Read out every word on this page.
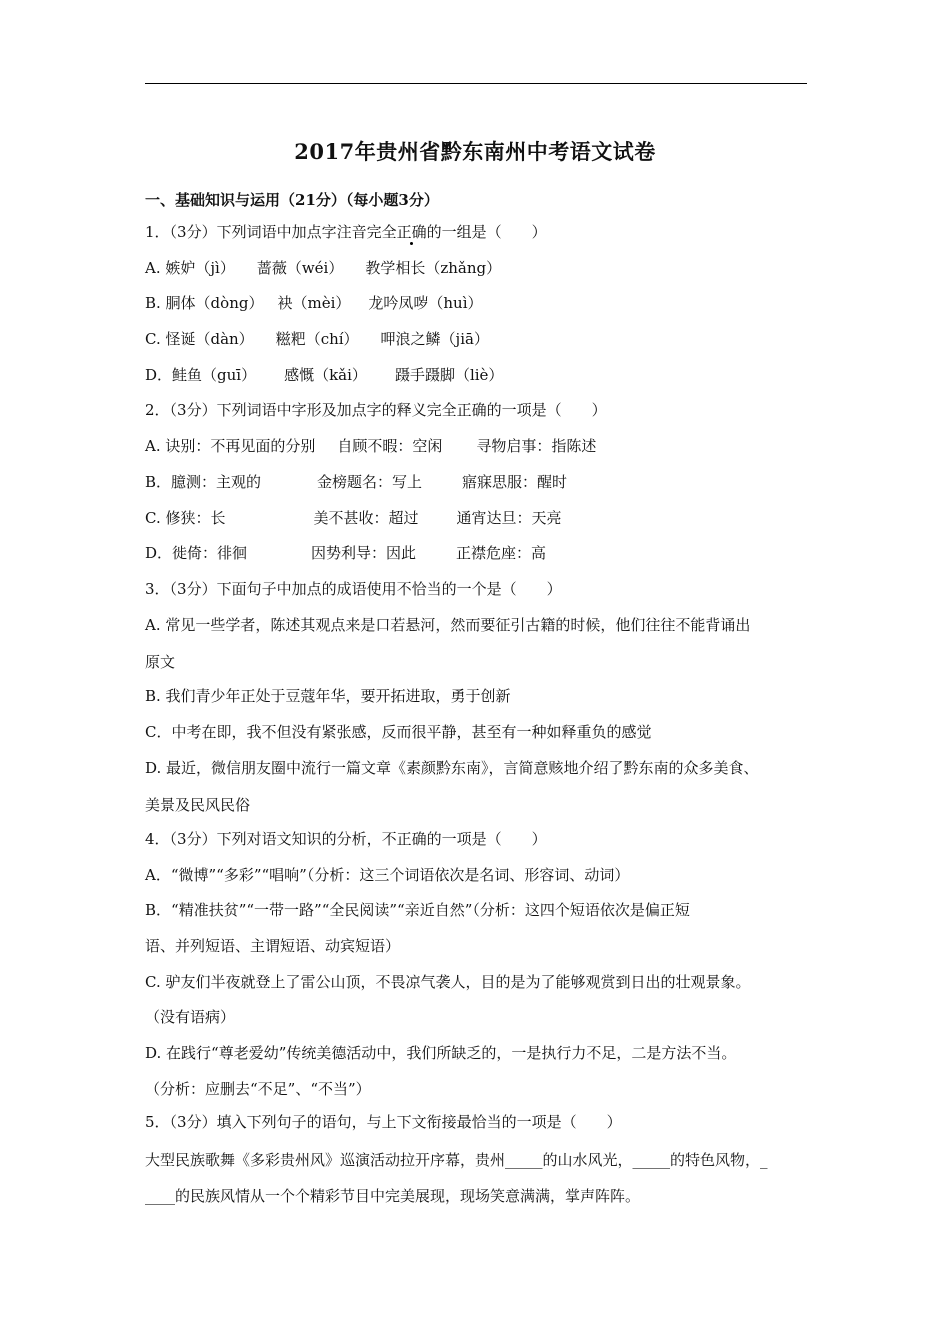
2017年贵州省黔东南州中考语文试卷
一、基础知识与运用（21分）（每小题3分）
1．（3分）下列词语中加点字注音完全正确的一组是（　　）
A. 嫉妒（jì） 蔷薇（wéi） 教学相长（zhǎng）
B. 胴体（dòng） 袂（mèi） 龙吟凤哕（huì）
C. 怪诞（dàn） 糍粑（chí） 呷浪之鳞（jiā）
D．鲑鱼（guī） 感慨（kǎi） 蹑手蹑脚（liè）
2．（3分）下列词语中字形及加点字的释义完全正确的一项是（　　）
A. 诀别：不再见面的分别 自顾不暇：空闲 寻物启事：指陈述
B．臆测：主观的	金榜题名：写上	寤寐思服：醒时
C. 修狭：长	美不甚收：超过	通宵达旦：天亮
D．徙倚：徘徊	因势利导：因此	正襟危座：高
3．（3分）下面句子中加点的成语使用不恰当的一个是（　　）
A. 常见一些学者，陈述其观点来是口若悬河，然而要征引古籍的时候，他们往往不能背诵出
原文
B. 我们青少年正处于豆蔻年华，要开拓进取，勇于创新
C．中考在即，我不但没有紧张感，反而很平静，甚至有一种如释重负的感觉
D. 最近，微信朋友圈中流行一篇文章《素颜黔东南》，言简意赅地介绍了黔东南的众多美食、
美景及民风民俗
4．（3分）下列对语文知识的分析，不正确的一项是（　　）
A．“微博”“多彩”“唱响”（分析：这三个词语依次是名词、形容词、动词）
B．“精准扶贫”“一带一路”“全民阅读”“亲近自然”（分析：这四个短语依次是偏正短
语、并列短语、主谓短语、动宾短语）
C. 驴友们半夜就登上了雷公山顶，不畏凉气袭人，目的是为了能够观赏到日出的壮观景象。
（没有语病）
D. 在践行“尊老爱幼”传统美德活动中，我们所缺乏的，一是执行力不足，二是方法不当。
（分析：应删去“不足”、“不当”）
5．（3分）填入下列句子的语句，与上下文衔接最恰当的一项是（　　）
大型民族歌舞《多彩贵州风》巡演活动拉开序幕，贵州_____的山水风光，_____的特色风物，_
____的民族风情从一个个精彩节目中完美展现，现场笑意满满，掌声阵阵。
